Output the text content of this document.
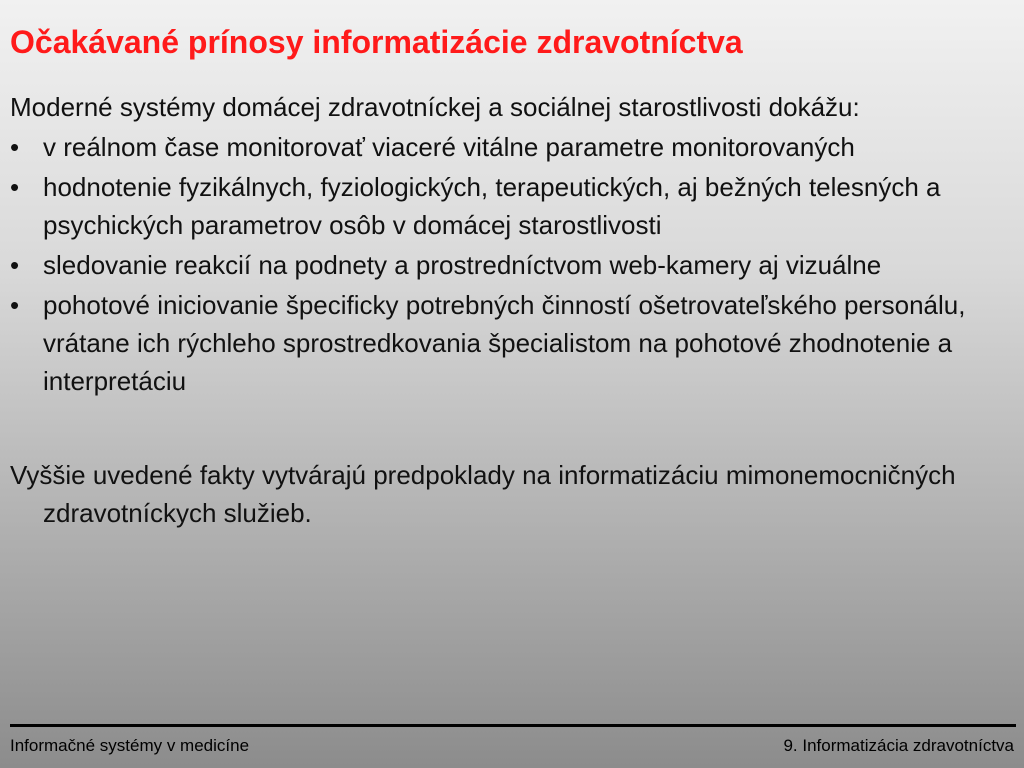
Očakávané prínosy informatizácie zdravotníctva

Moderné systémy domácej zdravotníckej a sociálnej starostlivosti dokážu:

• v reálnom čase monitorovať viaceré vitálne parametre monitorovaných
• hodnotenie fyzikálnych, fyziologických, terapeutických, aj bežných telesných a psychických parametrov osôb v domácej starostlivosti
• sledovanie reakcií na podnety a prostredníctvom web-kamery aj vizuálne
• pohotové iniciovanie špecificky potrebných činností ošetrovateľského personálu, vrátane ich rýchleho sprostredkovania špecialistom na pohotové zhodnotenie a interpretáciu

Vyššie uvedené fakty vytvárajú predpoklady na informatizáciu mimonemocničných zdravotníckych služieb.

Informačné systémy v medicíne	9. Informatizácia zdravotníctva
